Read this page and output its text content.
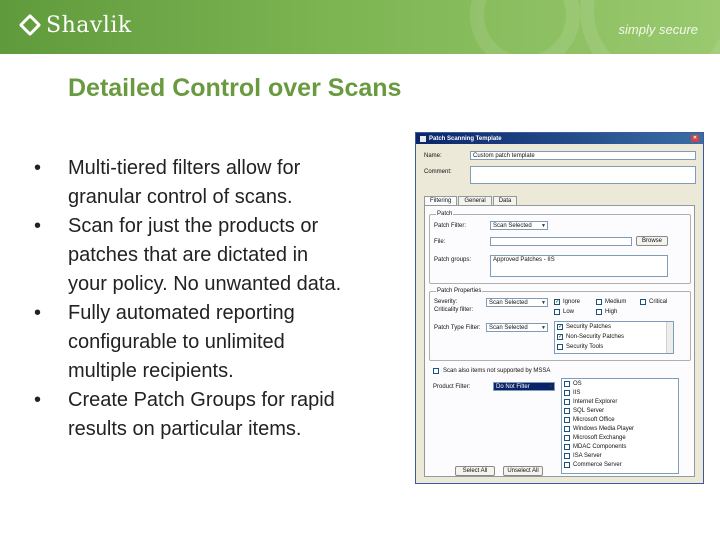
Shavlik	simply secure
Detailed Control over Scans
•	Multi-tiered filters allow for
granular control of scans.
•	Scan for just the products or
patches that are dictated in
your policy. No unwanted data.
•	Fully automated reporting
configurable to unlimited
multiple recipients.
•	Create Patch Groups for rapid
results on particular items.
Patch Scanning Template	✕
Name:	Custom patch template
Comment:
Filtering	General	Data
Patch
Patch Filter:	Scan Selected ▼
File:	Browse
Patch groups:	Approved Patches - IIS
Patch Properties
Severity:
Criticality filter:
Scan Selected ▼ ✓	Ignore	Medium	Critical
Low	High
Patch Type Filter:	Scan Selected ▼ ✓	Security Patches
✓
Non-Security Patches
Security Tools
Scan also items not supported by MSSA
Product Filter:	Do Not Filter ▼	OS
IIS
Internet Explorer
SQL Server
Microsoft Office
Windows Media Player
Microsoft Exchange
MDAC Components
ISA Server
Commerce Server
Select All	Unselect All
